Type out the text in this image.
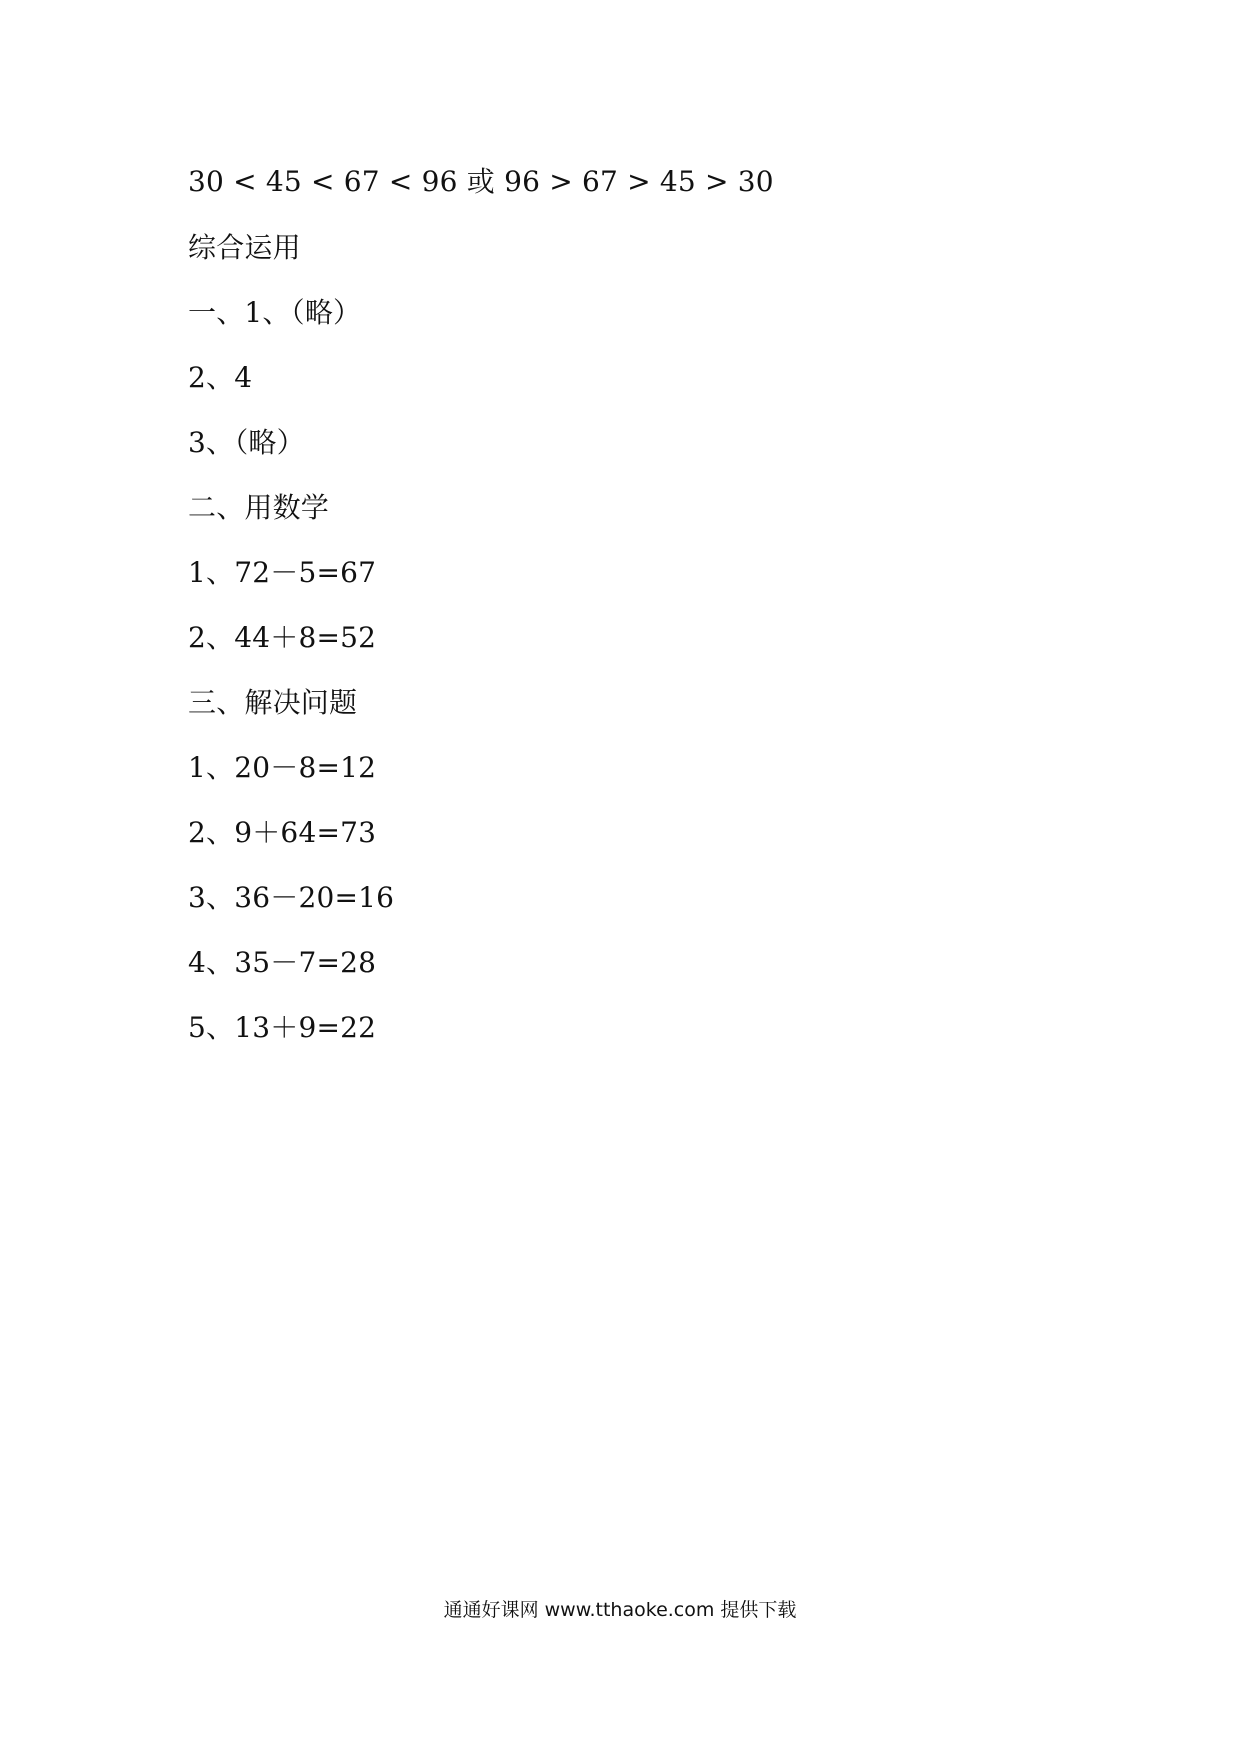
30 < 45 < 67 < 96 或 96 > 67 > 45 > 30
综合运用
一、1、（略）
2、4
3、（略）
二、用数学
1、72－5=67
2、44＋8=52
三、解决问题
1、20－8=12
2、9＋64=73
3、36－20=16
4、35－7=28
5、13＋9=22
通通好课网 www.tthaoke.com 提供下载
